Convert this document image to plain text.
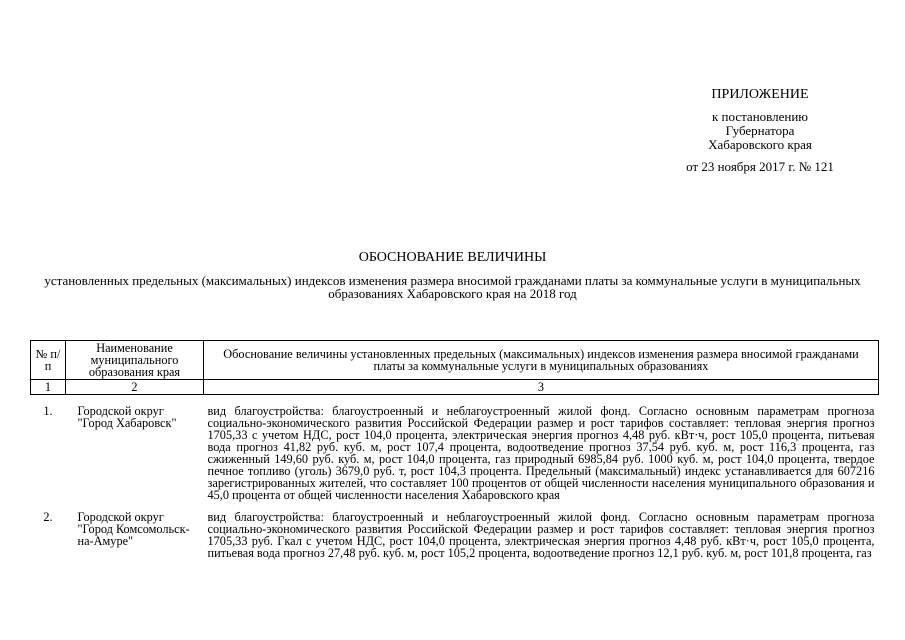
ПРИЛОЖЕНИЕ
к постановлению
Губернатора
Хабаровского края
от 23 ноября 2017 г. № 121
ОБОСНОВАНИЕ ВЕЛИЧИНЫ
установленных предельных (максимальных) индексов изменения размера вносимой гражданами платы за коммунальные услуги в муниципальных образованиях Хабаровского края на 2018 год
№ п/п	Наименование муниципального образования края	Обоснование величины установленных предельных (максимальных) индексов изменения размера вносимой гражданами платы за коммунальные услуги в муниципальных образованиях
1	2	3

1.	Городской округ "Город Хабаровск"	вид благоустройства: благоустроенный и неблагоустроенный жилой фонд. Согласно основным параметрам прогноза социально-экономического развития Российской Федерации размер и рост тарифов составляет: тепловая энергия прогноз 1705,33 с учетом НДС, рост 104,0 процента, электрическая энергия прогноз 4,48 руб. кВт·ч, рост 105,0 процента, питьевая вода прогноз 41,82 руб. куб. м, рост 107,4 процента, водоотведение прогноз 37,54 руб. куб. м, рост 116,3 процента, газ сжиженный 149,60 руб. куб. м, рост 104,0 процента, газ природный 6985,84 руб. 1000 куб. м, рост 104,0 процента, твердое печное топливо (уголь) 3679,0 руб. т, рост 104,3 процента. Предельный (максимальный) индекс устанавливается для 607216 зарегистрированных жителей, что составляет 100 процентов от общей численности населения муниципального образования и 45,0 процента от общей численности населения Хабаровского края

2.	Городской округ "Город Комсомольск-на-Амуре"	вид благоустройства: благоустроенный и неблагоустроенный жилой фонд. Согласно основным параметрам прогноза социально-экономического развития Российской Федерации размер и рост тарифов составляет: тепловая энергия прогноз 1705,33 руб. Гкал с учетом НДС, рост 104,0 процента, электрическая энергия прогноз 4,48 руб. кВт·ч, рост 105,0 процента, питьевая вода прогноз 27,48 руб. куб. м, рост 105,2 процента, водоотведение прогноз 12,1 руб. куб. м, рост 101,8 процента, газ
